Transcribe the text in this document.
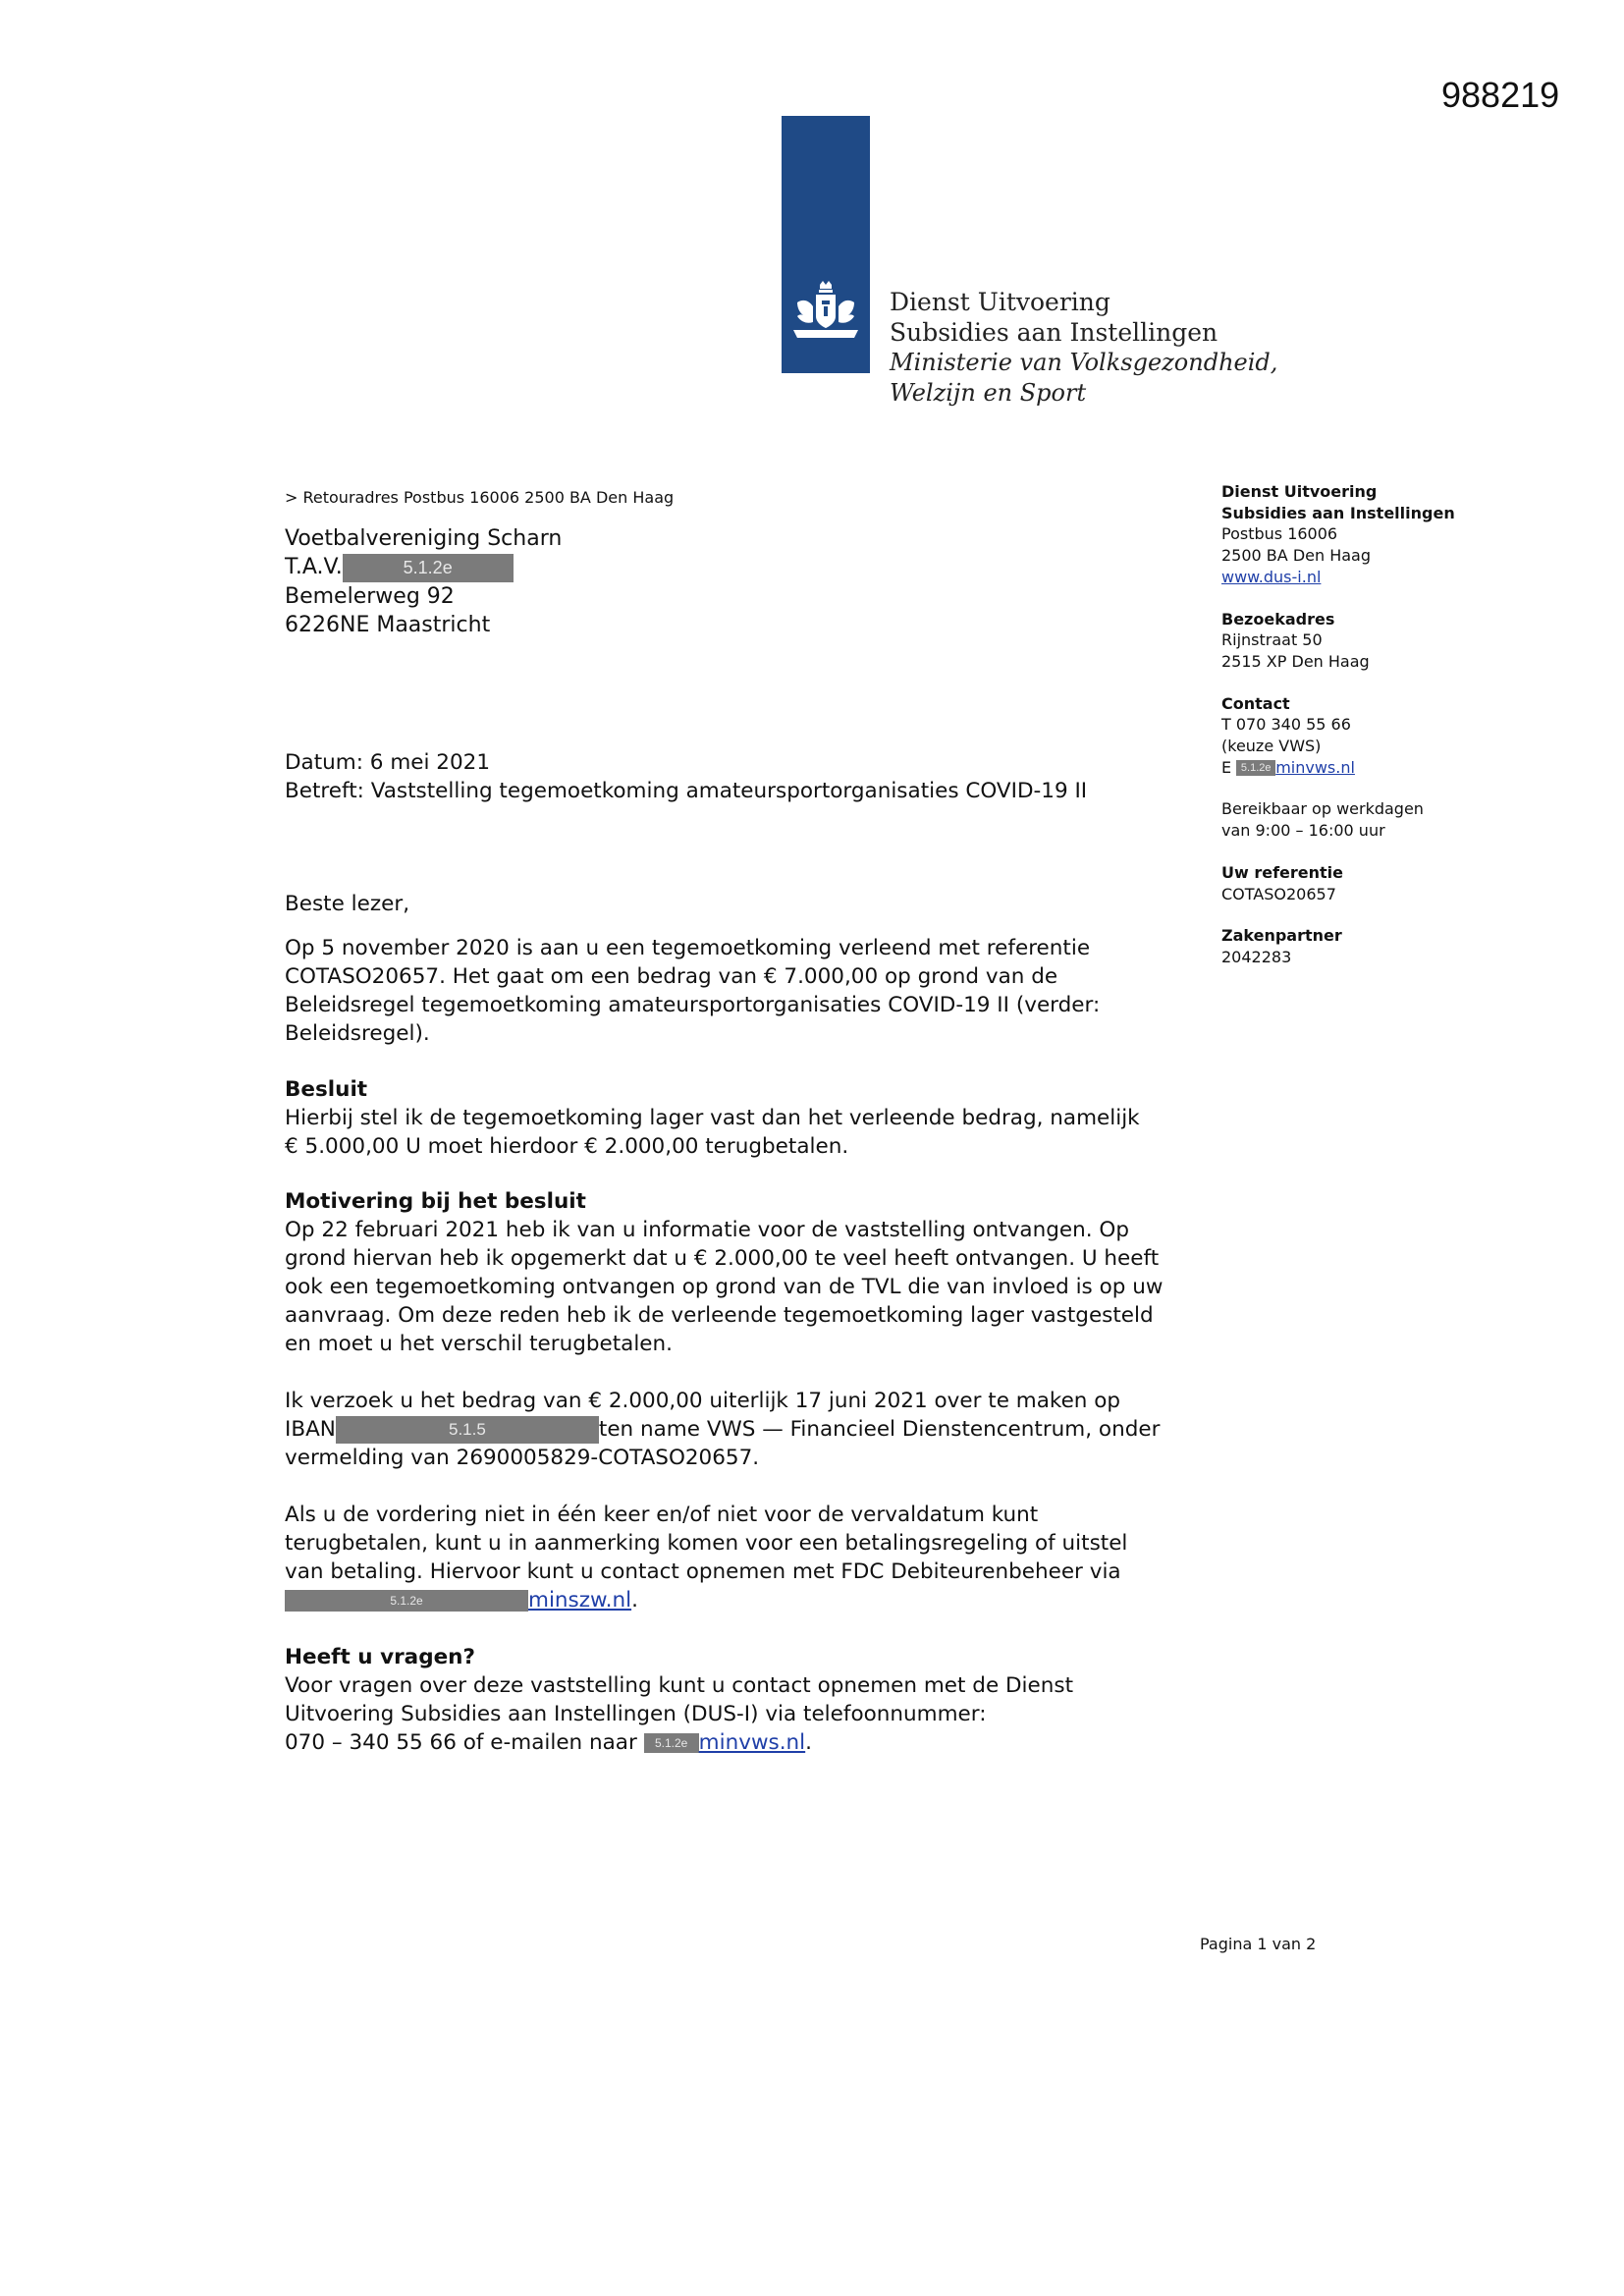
988219
Dienst Uitvoering
Subsidies aan Instellingen
Ministerie van Volksgezondheid,
Welzijn en Sport
> Retouradres Postbus 16006 2500 BA Den Haag
Voetbalvereniging Scharn
T.A.V.	5.1.2e
Bemelerweg 92
6226NE Maastricht
Dienst Uitvoering
Subsidies aan Instellingen
Postbus 16006
2500 BA Den Haag
www.dus-i.nl
Bezoekadres
Rijnstraat 50
2515 XP Den Haag
Contact
T 070 340 55 66
(keuze VWS)
E 5.1.2e minvws.nl
Bereikbaar op werkdagen
van 9:00 – 16:00 uur
Uw referentie
COTASO20657
Zakenpartner
2042283

Datum: 6 mei 2021

Betreft: Vaststelling tegemoetkoming amateursportorganisaties COVID-19 II

Beste lezer,

Op 5 november 2020 is aan u een tegemoetkoming verleend met referentie

COTASO20657. Het gaat om een bedrag van € 7.000,00 op grond van de

Beleidsregel tegemoetkoming amateursportorganisaties COVID-19 II (verder:

Beleidsregel).

Besluit

Hierbij stel ik de tegemoetkoming lager vast dan het verleende bedrag, namelijk

€ 5.000,00 U moet hierdoor € 2.000,00 terugbetalen.

Motivering bij het besluit

Op 22 februari 2021 heb ik van u informatie voor de vaststelling ontvangen. Op

grond hiervan heb ik opgemerkt dat u € 2.000,00 te veel heeft ontvangen. U heeft

ook een tegemoetkoming ontvangen op grond van de TVL die van invloed is op uw

aanvraag. Om deze reden heb ik de verleende tegemoetkoming lager vastgesteld

en moet u het verschil terugbetalen.

Ik verzoek u het bedrag van € 2.000,00 uiterlijk 17 juni 2021 over te maken op

IBAN	5.1.5	ten name VWS — Financieel Dienstencentrum, onder

vermelding van 2690005829-COTASO20657.

Als u de vordering niet in één keer en/of niet voor de vervaldatum kunt

terugbetalen, kunt u in aanmerking komen voor een betalingsregeling of uitstel

van betaling. Hiervoor kunt u contact opnemen met FDC Debiteurenbeheer via

5.1.2e	minszw.nl.

Heeft u vragen?

Voor vragen over deze vaststelling kunt u contact opnemen met de Dienst

Uitvoering Subsidies aan Instellingen (DUS-I) via telefoonnummer:

070 – 340 55 66 of e-mailen naar 5.1.2e minvws.nl.

Pagina 1 van 2
